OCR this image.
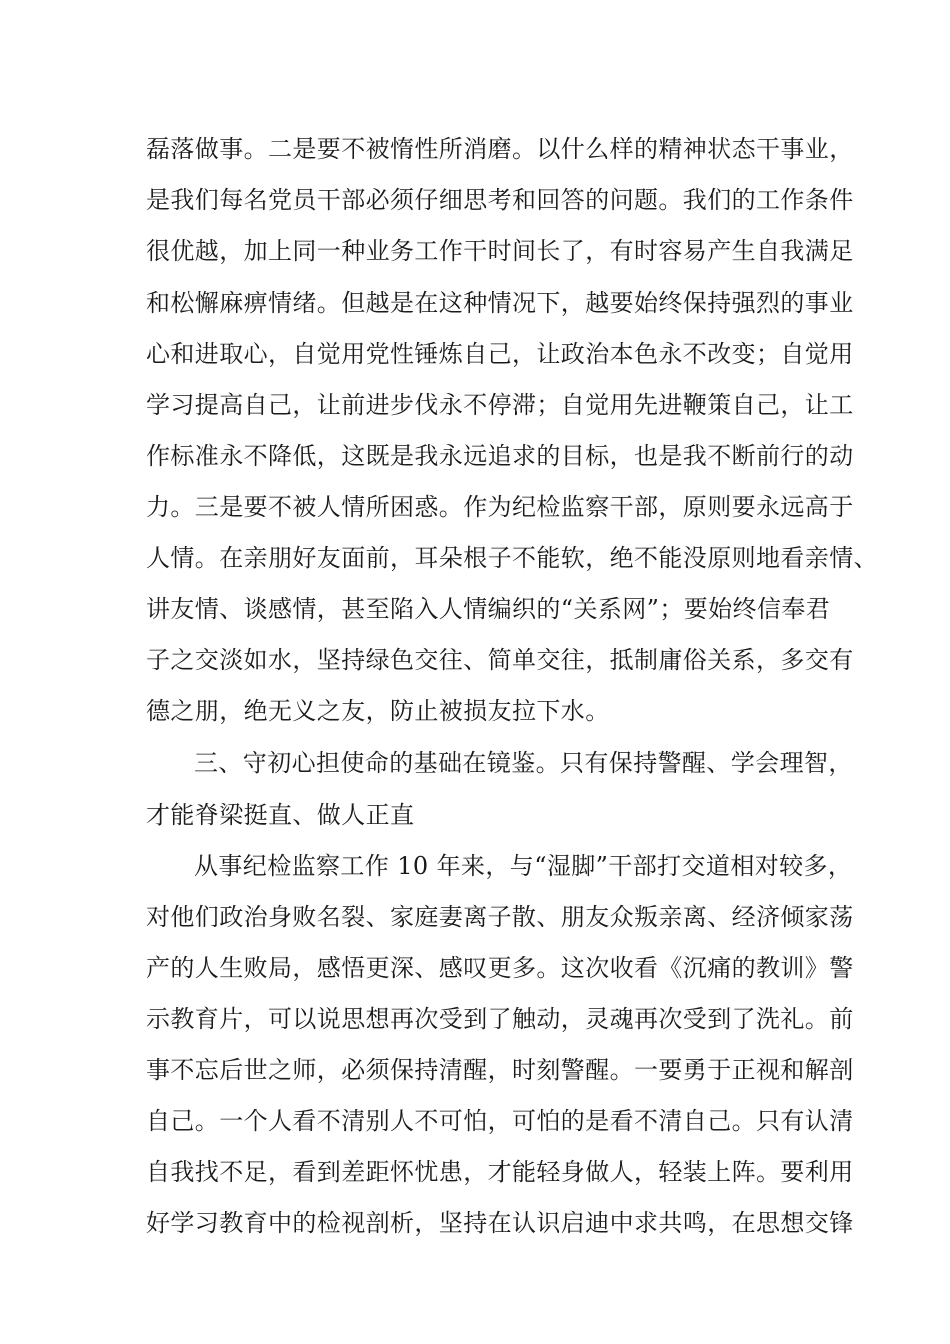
磊落做事。二是要不被惰性所消磨。以什么样的精神状态干事业，

是我们每名党员干部必须仔细思考和回答的问题。我们的工作条件

很优越，加上同一种业务工作干时间长了，有时容易产生自我满足

和松懈麻痹情绪。但越是在这种情况下，越要始终保持强烈的事业

心和进取心，自觉用党性锤炼自己，让政治本色永不改变；自觉用

学习提高自己，让前进步伐永不停滞；自觉用先进鞭策自己，让工

作标准永不降低，这既是我永远追求的目标，也是我不断前行的动

力。三是要不被人情所困惑。作为纪检监察干部，原则要永远高于

人情。在亲朋好友面前，耳朵根子不能软，绝不能没原则地看亲情、

讲友情、谈感情，甚至陷入人情编织的“关系网”；要始终信奉君

子之交淡如水，坚持绿色交往、简单交往，抵制庸俗关系，多交有

德之朋，绝无义之友，防止被损友拉下水。

三、守初心担使命的基础在镜鉴。只有保持警醒、学会理智，

才能脊梁挺直、做人正直

从事纪检监察工作 10 年来，与“湿脚”干部打交道相对较多，

对他们政治身败名裂、家庭妻离子散、朋友众叛亲离、经济倾家荡

产的人生败局，感悟更深、感叹更多。这次收看《沉痛的教训》警

示教育片，可以说思想再次受到了触动，灵魂再次受到了洗礼。前

事不忘后世之师，必须保持清醒，时刻警醒。一要勇于正视和解剖

自己。一个人看不清别人不可怕，可怕的是看不清自己。只有认清

自我找不足，看到差距怀忧患，才能轻身做人，轻装上阵。要利用

好学习教育中的检视剖析，坚持在认识启迪中求共鸣，在思想交锋
